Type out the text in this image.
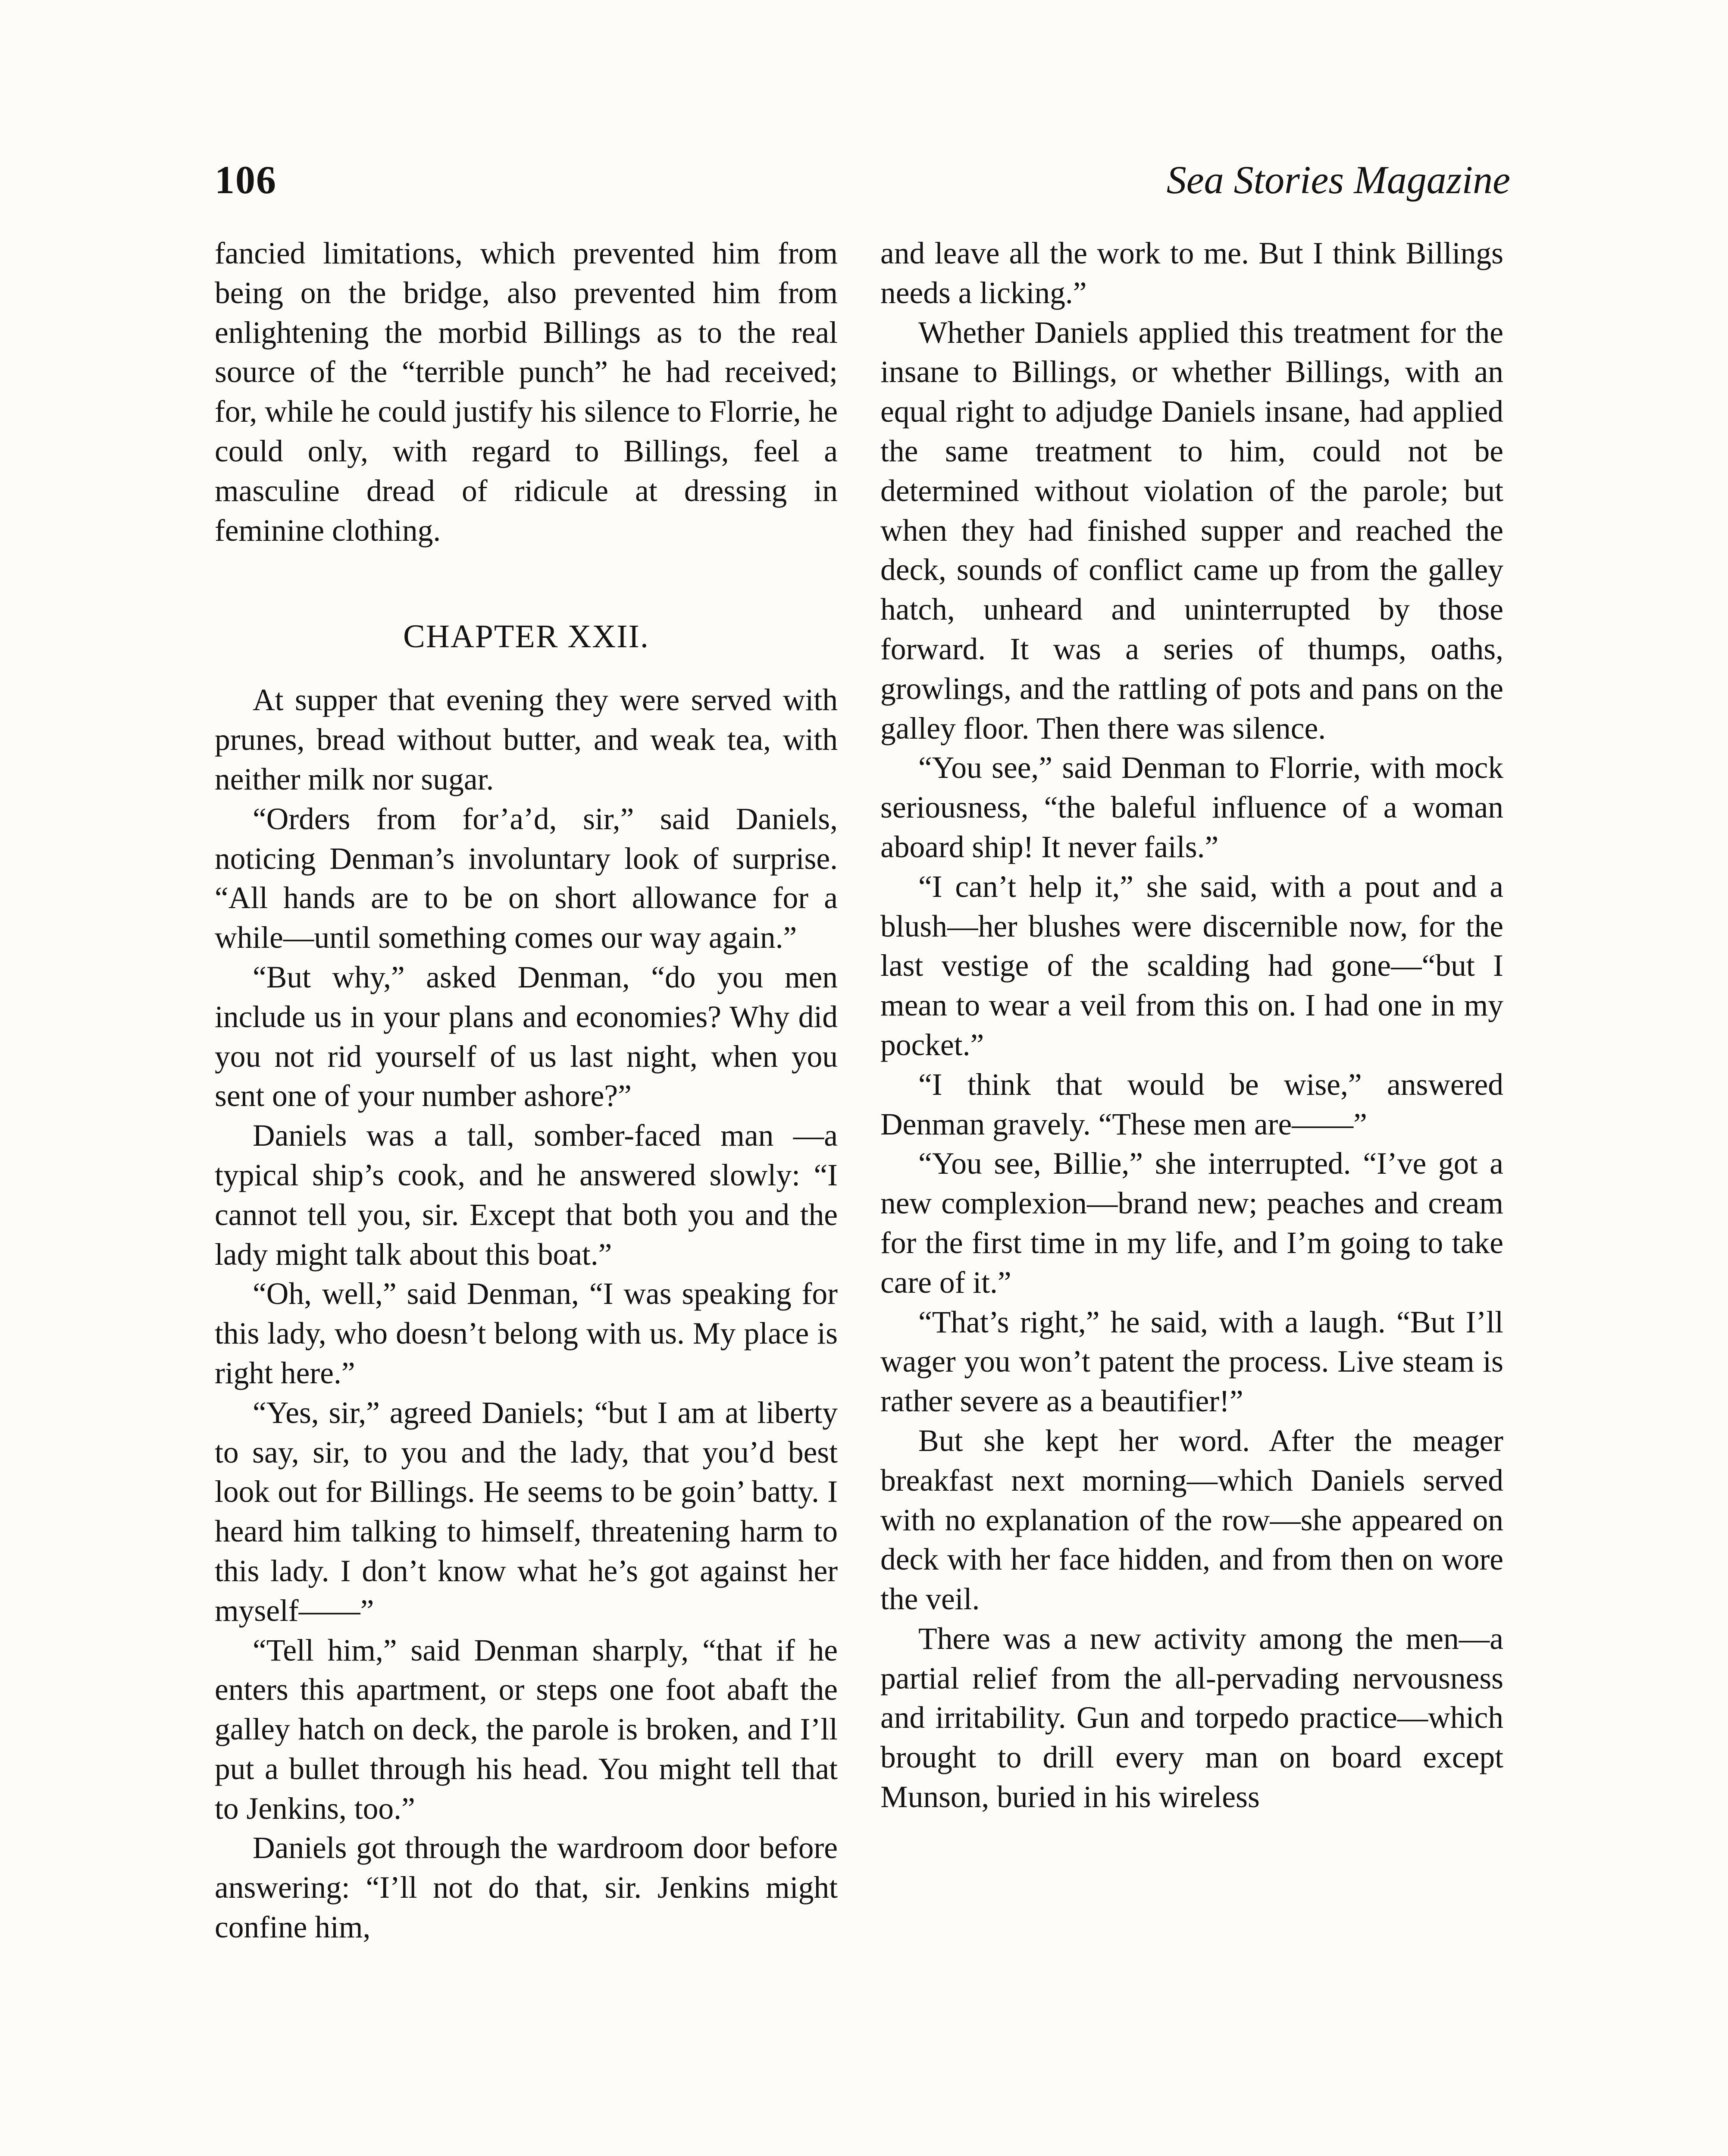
106	Sea Stories Magazine

fancied limitations, which prevented him from being on the bridge, also prevented him from enlightening the morbid Billings as to the real source of the “terrible punch” he had received; for, while he could justify his silence to Florrie, he could only, with regard to Billings, feel a masculine dread of ridicule at dressing in feminine clothing.

CHAPTER XXII.

At supper that evening they were served with prunes, bread without butter, and weak tea, with neither milk nor sugar.

“Orders from for’a’d, sir,” said Daniels, noticing Denman’s involuntary look of surprise. “All hands are to be on short allowance for a while—until something comes our way again.”

“But why,” asked Denman, “do you men include us in your plans and economies? Why did you not rid yourself of us last night, when you sent one of your number ashore?”

Daniels was a tall, somber-faced man —a typical ship’s cook, and he answered slowly: “I cannot tell you, sir. Except that both you and the lady might talk about this boat.”

“Oh, well,” said Denman, “I was speaking for this lady, who doesn’t belong with us. My place is right here.”

“Yes, sir,” agreed Daniels; “but I am at liberty to say, sir, to you and the lady, that you’d best look out for Billings. He seems to be goin’ batty. I heard him talking to himself, threatening harm to this lady. I don’t know what he’s got against her myself——”

“Tell him,” said Denman sharply, “that if he enters this apartment, or steps one foot abaft the galley hatch on deck, the parole is broken, and I’ll put a bullet through his head. You might tell that to Jenkins, too.”

Daniels got through the wardroom door before answering: “I’ll not do that, sir. Jenkins might confine him,

and leave all the work to me. But I think Billings needs a licking.”

Whether Daniels applied this treatment for the insane to Billings, or whether Billings, with an equal right to adjudge Daniels insane, had applied the same treatment to him, could not be determined without violation of the parole; but when they had finished supper and reached the deck, sounds of conflict came up from the galley hatch, unheard and uninterrupted by those forward. It was a series of thumps, oaths, growlings, and the rattling of pots and pans on the galley floor. Then there was silence.

“You see,” said Denman to Florrie, with mock seriousness, “the baleful influence of a woman aboard ship! It never fails.”

“I can’t help it,” she said, with a pout and a blush—her blushes were discernible now, for the last vestige of the scalding had gone—“but I mean to wear a veil from this on. I had one in my pocket.”

“I think that would be wise,” answered Denman gravely. “These men are——”

“You see, Billie,” she interrupted. “I’ve got a new complexion—brand new; peaches and cream for the first time in my life, and I’m going to take care of it.”

“That’s right,” he said, with a laugh. “But I’ll wager you won’t patent the process. Live steam is rather severe as a beautifier!”

But she kept her word. After the meager breakfast next morning—which Daniels served with no explanation of the row—she appeared on deck with her face hidden, and from then on wore the veil.

There was a new activity among the men—a partial relief from the all-pervading nervousness and irritability. Gun and torpedo practice—which brought to drill every man on board except Munson, buried in his wireless
